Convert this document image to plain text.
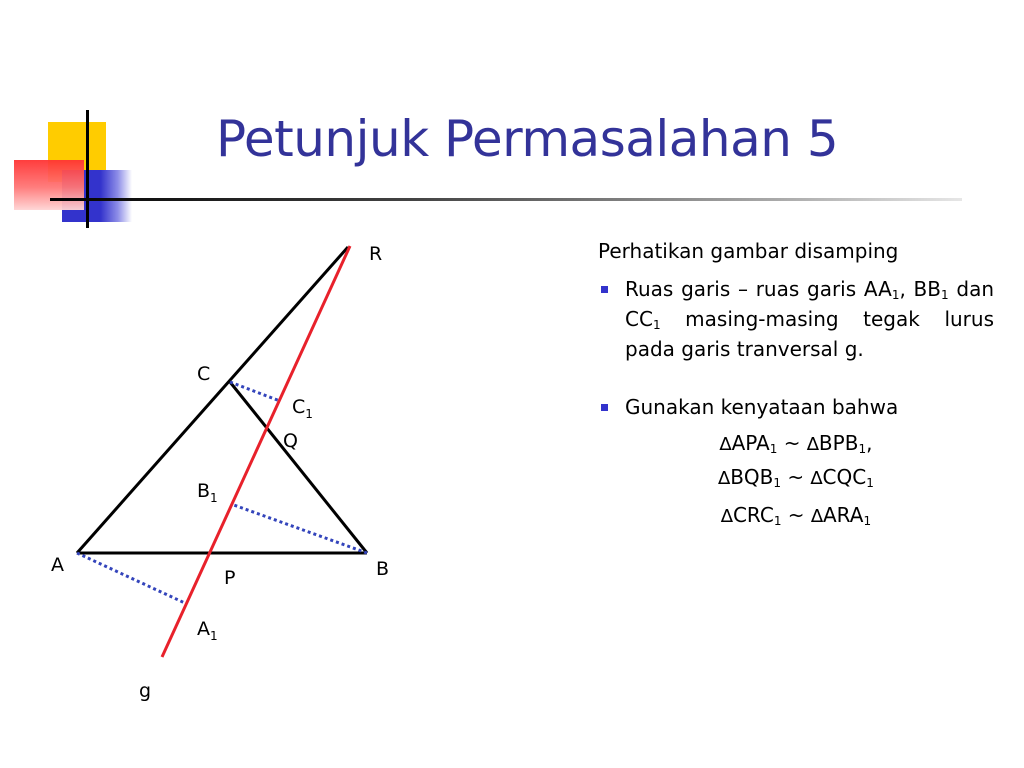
Petunjuk Permasalahan 5
R
C
$C_1$
Q
$B_1$
A	B
P
$A_1$
g

Perhatikan gambar disamping

Ruas garis – ruas garis $AA_1$, $BB_1$ dan $CC_1$ masing-masing tegak lurus pada garis tranversal g.

Gunakan kenyataan bahwa

$\Delta APA_1$ ~ $\Delta BPB_1$,

$\Delta BQB_1$ ~ $\Delta CQC_1$

$\Delta CRC_1$ ~ $\Delta ARA_1$
